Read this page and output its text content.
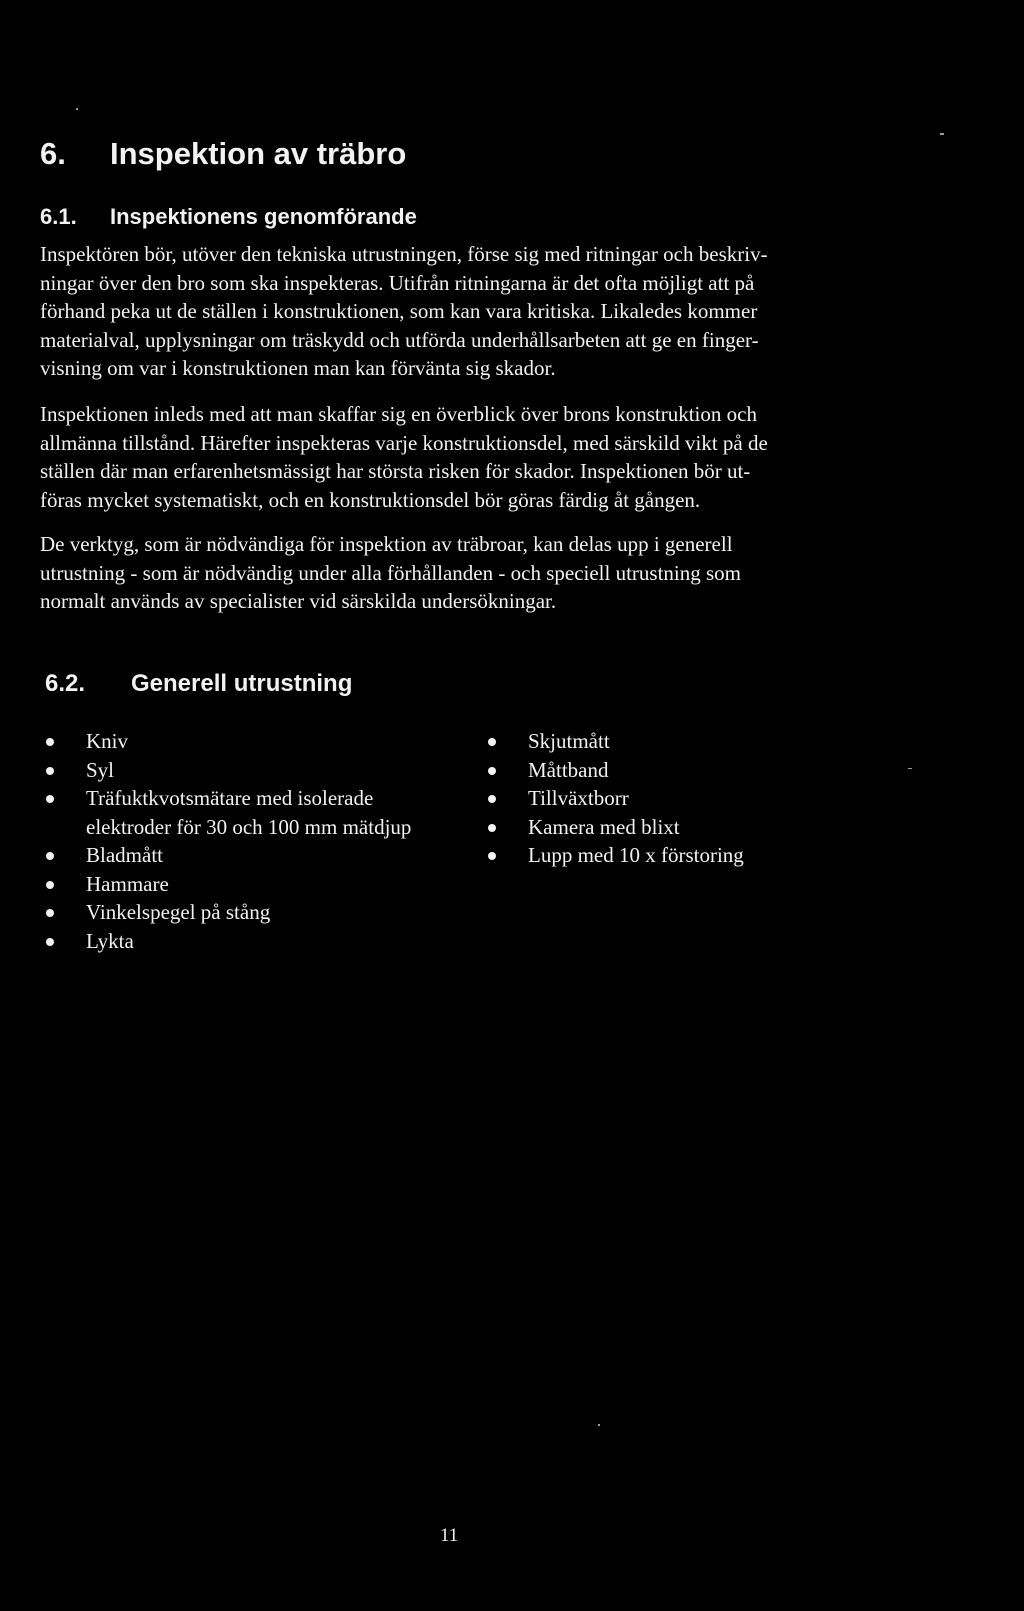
6. Inspektion av träbro
6.1. Inspektionens genomförande

Inspektören bör, utöver den tekniska utrustningen, förse sig med ritningar och beskriv-
ningar över den bro som ska inspekteras. Utifrån ritningarna är det ofta möjligt att på
förhand peka ut de ställen i konstruktionen, som kan vara kritiska. Likaledes kommer
materialval, upplysningar om träskydd och utförda underhållsarbeten att ge en finger-
visning om var i konstruktionen man kan förvänta sig skador.

Inspektionen inleds med att man skaffar sig en överblick över brons konstruktion och
allmänna tillstånd. Härefter inspekteras varje konstruktionsdel, med särskild vikt på de
ställen där man erfarenhetsmässigt har största risken för skador. Inspektionen bör ut-
föras mycket systematiskt, och en konstruktionsdel bör göras färdig åt gången.

De verktyg, som är nödvändiga för inspektion av träbroar, kan delas upp i generell
utrustning - som är nödvändig under alla förhållanden - och speciell utrustning som
normalt används av specialister vid särskilda undersökningar.

6.2. Generell utrustning
Kniv
Syl
Träfuktkvotsmätare med isolerade
elektroder för 30 och 100 mm mätdjup
Bladmått
Hammare
Vinkelspegel på stång
Lykta
Skjutmått
Måttband
Tillväxtborr
Kamera med blixt
Lupp med 10 x förstoring
11
